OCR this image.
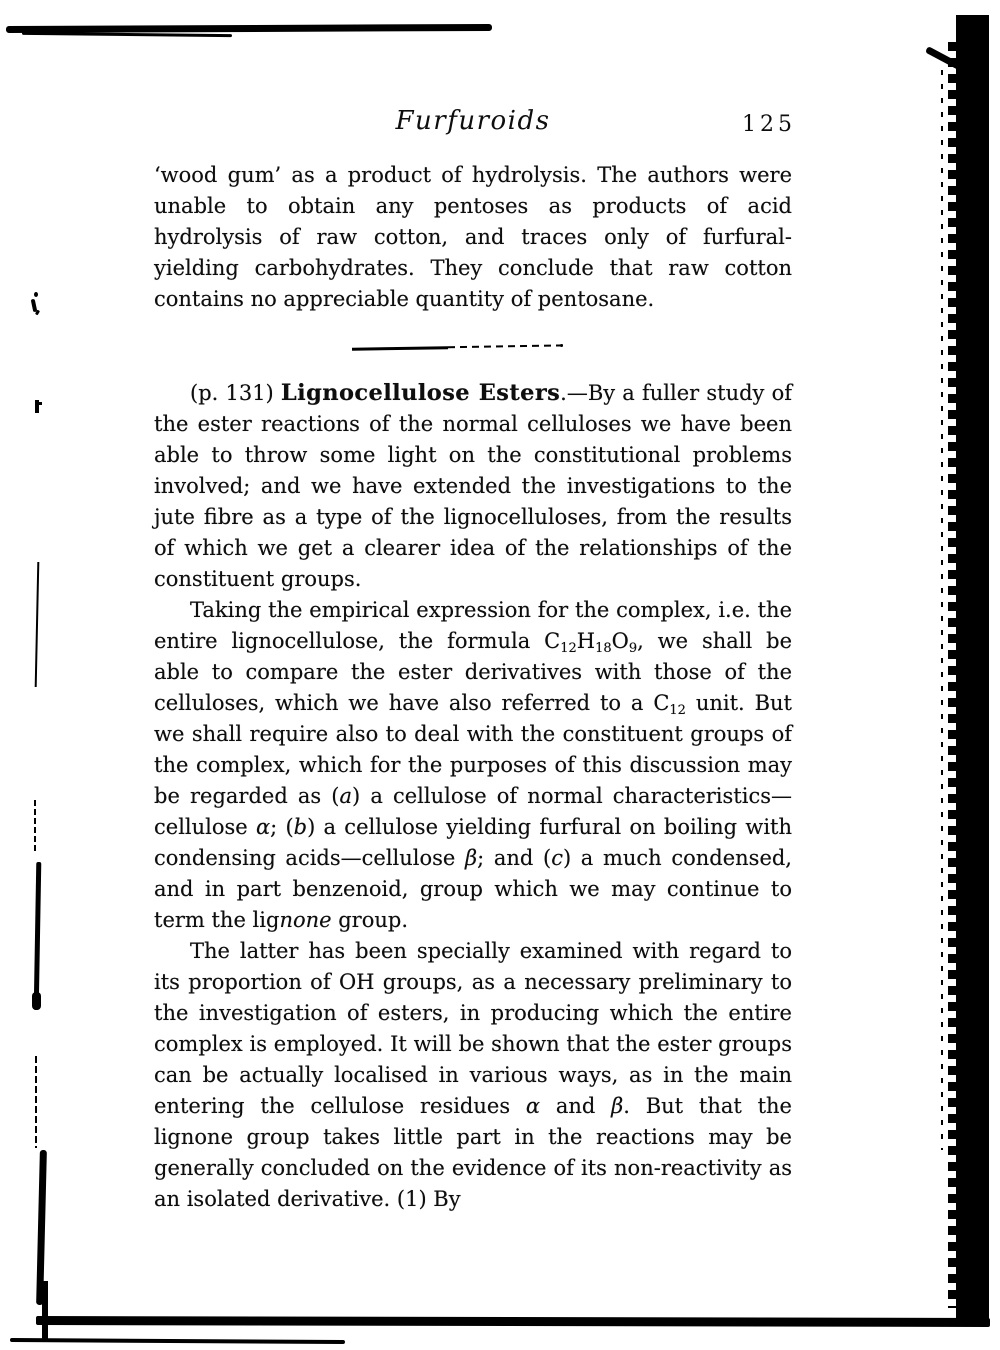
Furfuroids	125

‘wood gum’ as a product of hydrolysis. The authors were unable to obtain any pentoses as products of acid hydrolysis of raw cotton, and traces only of furfural-yielding carbohydrates. They conclude that raw cotton contains no appreciable quantity of pentosane.

(p. 131) Lignocellulose Esters.—By a fuller study of the ester reactions of the normal celluloses we have been able to throw some light on the constitutional problems involved; and we have extended the investigations to the jute fibre as a type of the lignocelluloses, from the results of which we get a clearer idea of the relationships of the constituent groups.

Taking the empirical expression for the complex, i.e. the entire lignocellulose, the formula C12H18O9, we shall be able to compare the ester derivatives with those of the celluloses, which we have also referred to a C12 unit. But we shall require also to deal with the constituent groups of the complex, which for the purposes of this discussion may be regarded as (a) a cellulose of normal characteristics—cellulose α; (b) a cellulose yielding furfural on boiling with condensing acids—cellulose β; and (c) a much condensed, and in part benzenoid, group which we may continue to term the lignone group.

The latter has been specially examined with regard to its proportion of OH groups, as a necessary preliminary to the investigation of esters, in producing which the entire complex is employed. It will be shown that the ester groups can be actually localised in various ways, as in the main entering the cellulose residues α and β. But that the lignone group takes little part in the reactions may be generally concluded on the evidence of its non-reactivity as an isolated derivative. (1) By
